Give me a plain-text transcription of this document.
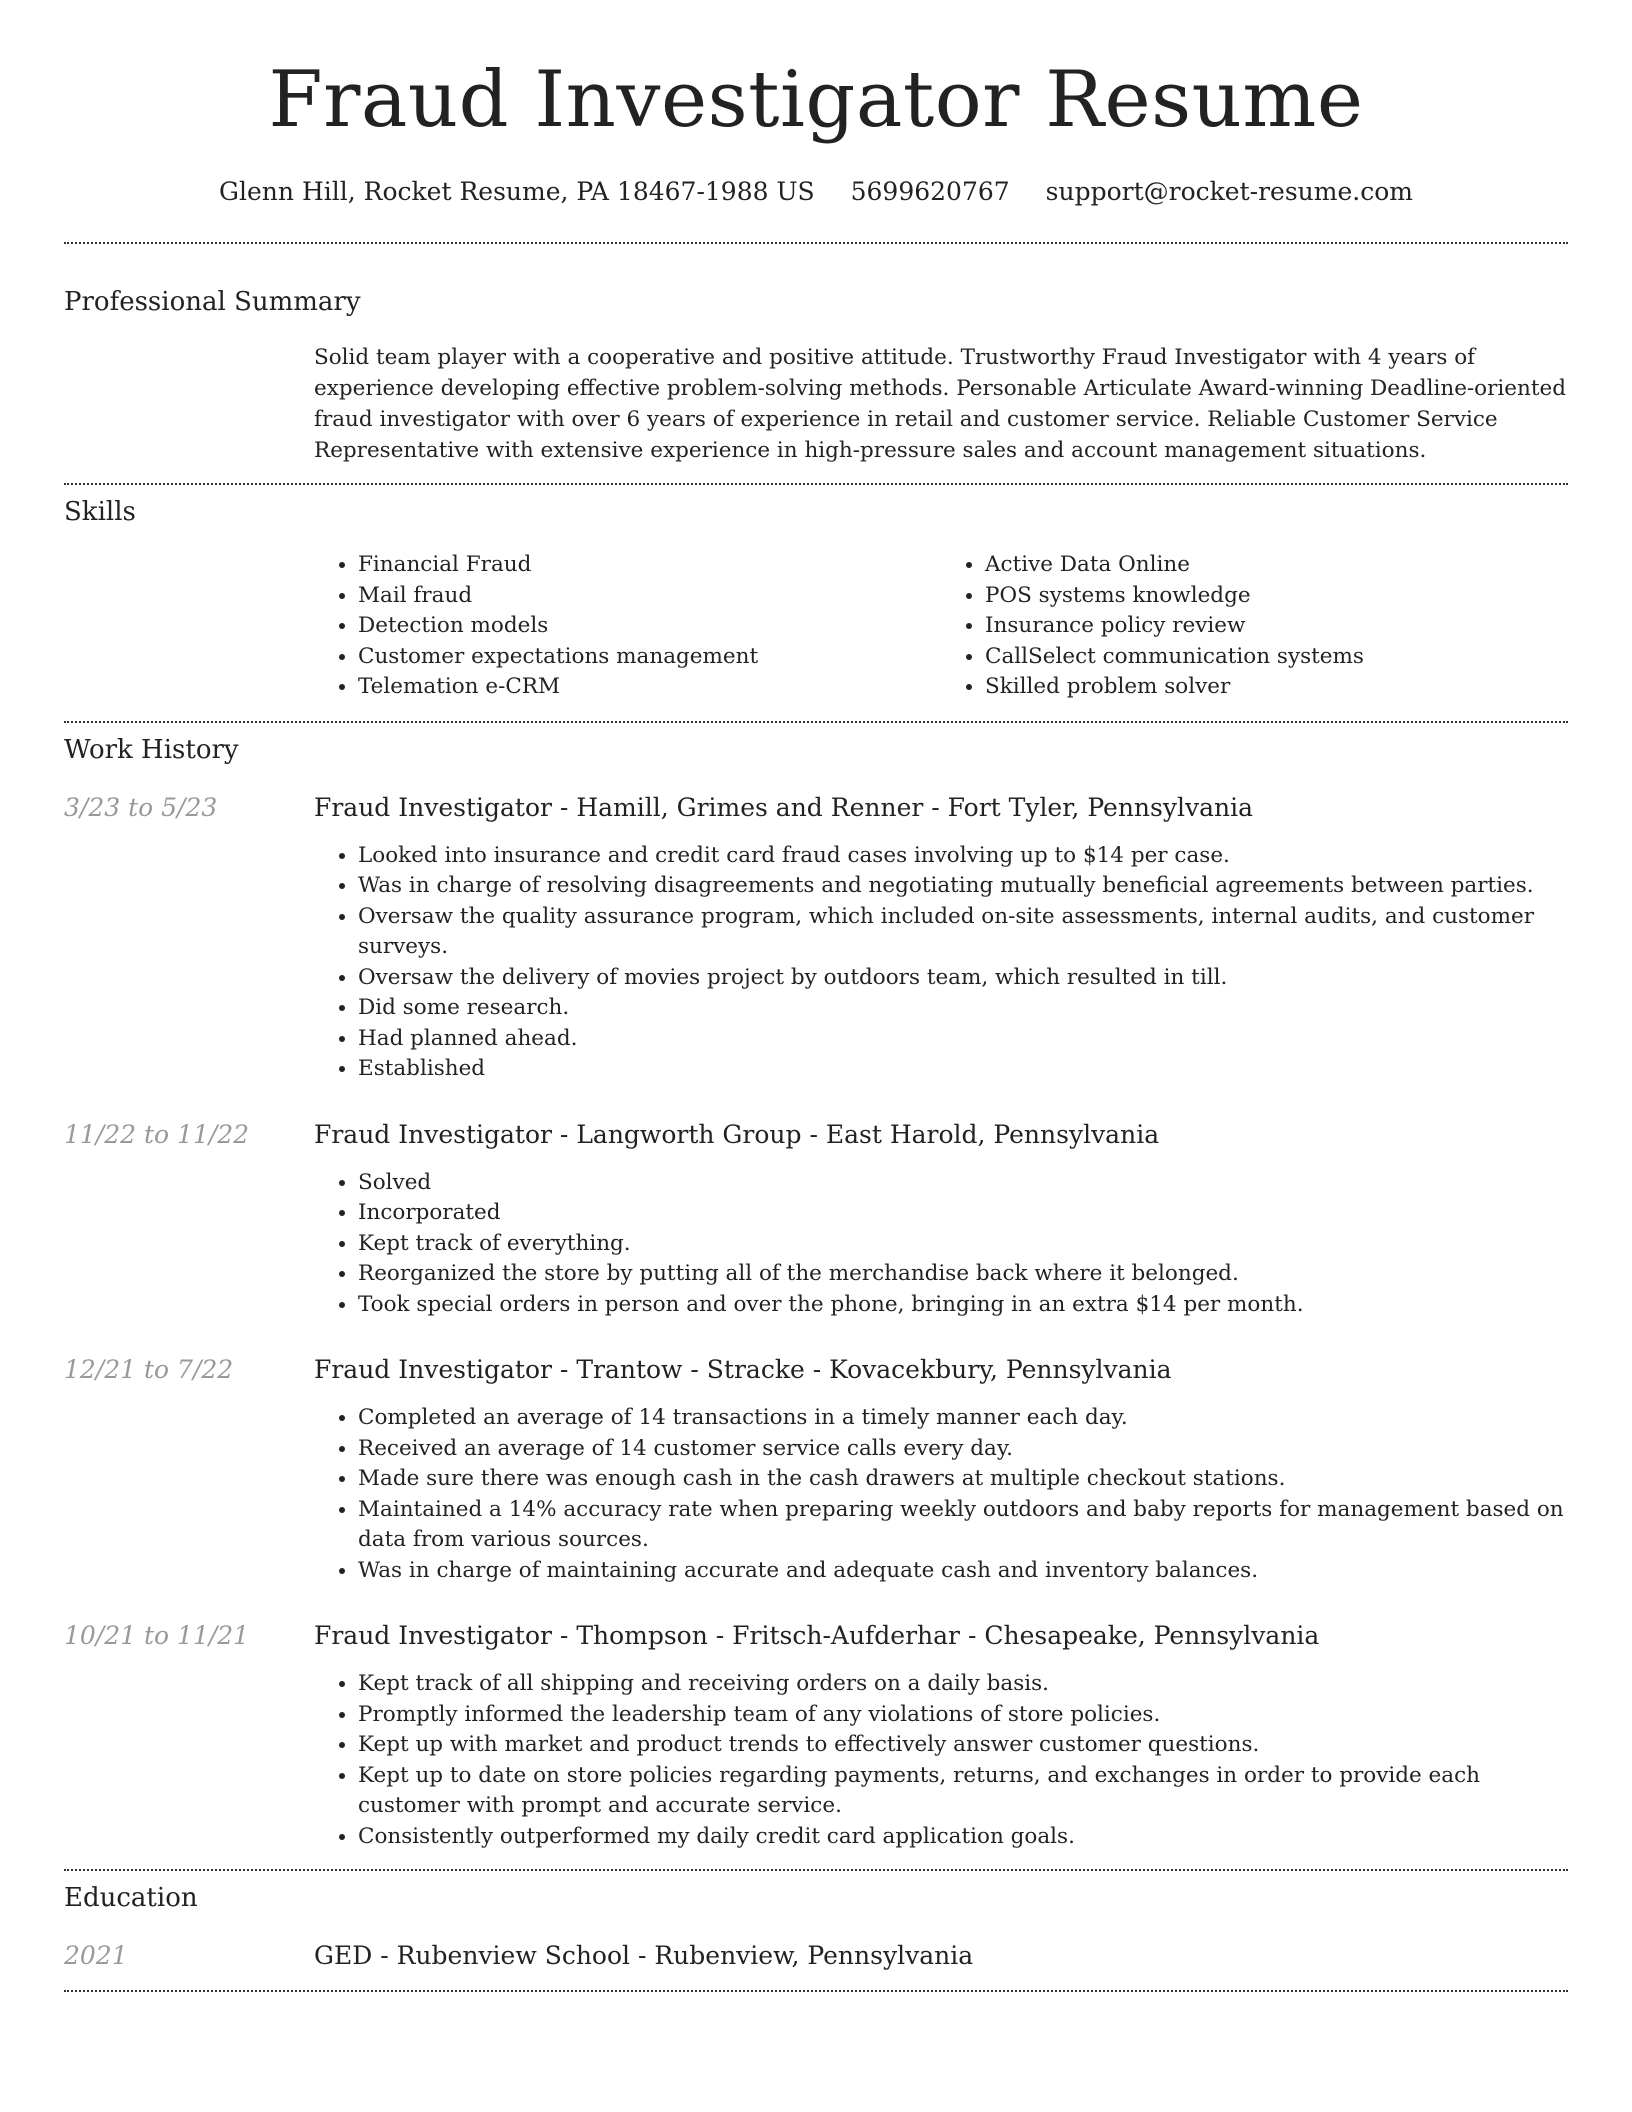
Fraud Investigator Resume
Glenn Hill, Rocket Resume, PA 18467-1988 US 5699620767 support@rocket-resume.com
Professional Summary
Solid team player with a cooperative and positive attitude. Trustworthy Fraud Investigator with 4 years of experience developing effective problem-solving methods. Personable Articulate Award-winning Deadline-oriented fraud investigator with over 6 years of experience in retail and customer service. Reliable Customer Service Representative with extensive experience in high-pressure sales and account management situations.
Skills
• Financial Fraud
• Mail fraud
• Detection models
• Customer expectations management
• Telemation e-CRM
• Active Data Online
• POS systems knowledge
• Insurance policy review
• CallSelect communication systems
• Skilled problem solver
Work History
3/23 to 5/23	Fraud Investigator - Hamill, Grimes and Renner - Fort Tyler, Pennsylvania
• Looked into insurance and credit card fraud cases involving up to $14 per case.
• Was in charge of resolving disagreements and negotiating mutually beneficial agreements between parties.
• Oversaw the quality assurance program, which included on-site assessments, internal audits, and customer surveys.
• Oversaw the delivery of movies project by outdoors team, which resulted in till.
• Did some research.
• Had planned ahead.
• Established
11/22 to 11/22	Fraud Investigator - Langworth Group - East Harold, Pennsylvania
• Solved
• Incorporated
• Kept track of everything.
• Reorganized the store by putting all of the merchandise back where it belonged.
• Took special orders in person and over the phone, bringing in an extra $14 per month.
12/21 to 7/22	Fraud Investigator - Trantow - Stracke - Kovacekbury, Pennsylvania
• Completed an average of 14 transactions in a timely manner each day.
• Received an average of 14 customer service calls every day.
• Made sure there was enough cash in the cash drawers at multiple checkout stations.
• Maintained a 14% accuracy rate when preparing weekly outdoors and baby reports for management based on data from various sources.
• Was in charge of maintaining accurate and adequate cash and inventory balances.
10/21 to 11/21	Fraud Investigator - Thompson - Fritsch-Aufderhar - Chesapeake, Pennsylvania
• Kept track of all shipping and receiving orders on a daily basis.
• Promptly informed the leadership team of any violations of store policies.
• Kept up with market and product trends to effectively answer customer questions.
• Kept up to date on store policies regarding payments, returns, and exchanges in order to provide each customer with prompt and accurate service.
• Consistently outperformed my daily credit card application goals.
Education
2021	GED - Rubenview School - Rubenview, Pennsylvania
